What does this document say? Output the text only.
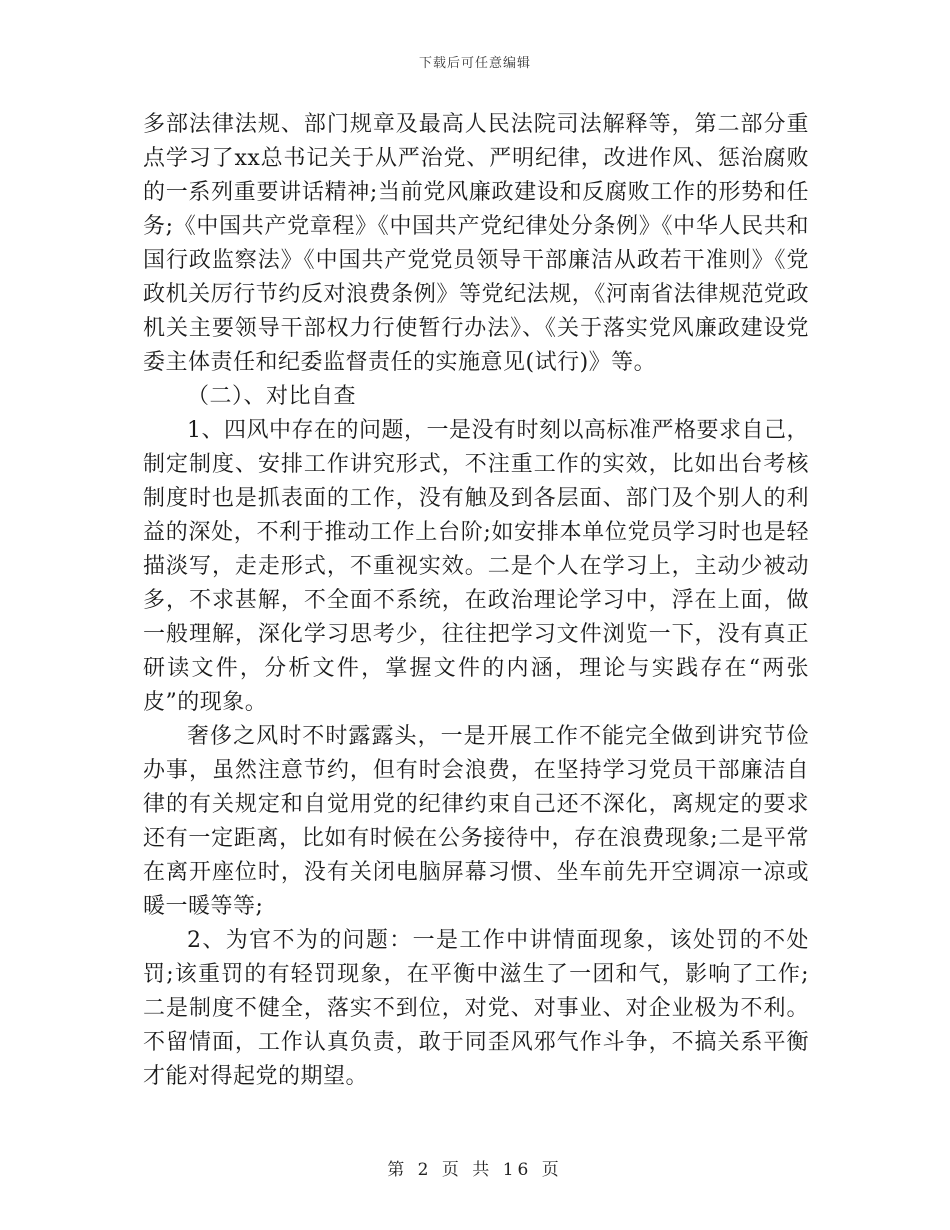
下载后可任意编辑

多部法律法规、部门规章及最高人民法院司法解释等，第二部分重点学习了xx总书记关于从严治党、严明纪律，改进作风、惩治腐败的一系列重要讲话精神;当前党风廉政建设和反腐败工作的形势和任务;《中国共产党章程》《中国共产党纪律处分条例》《中华人民共和国行政监察法》《中国共产党党员领导干部廉洁从政若干准则》《党政机关厉行节约反对浪费条例》等党纪法规，《河南省法律规范党政机关主要领导干部权力行使暂行办法》、《关于落实党风廉政建设党委主体责任和纪委监督责任的实施意见(试行)》等。

（二）、对比自查

1、四风中存在的问题，一是没有时刻以高标准严格要求自己，制定制度、安排工作讲究形式，不注重工作的实效，比如出台考核制度时也是抓表面的工作，没有触及到各层面、部门及个别人的利益的深处，不利于推动工作上台阶;如安排本单位党员学习时也是轻描淡写，走走形式，不重视实效。二是个人在学习上，主动少被动多，不求甚解，不全面不系统，在政治理论学习中，浮在上面，做一般理解，深化学习思考少，往往把学习文件浏览一下，没有真正研读文件，分析文件，掌握文件的内涵，理论与实践存在“两张皮”的现象。

奢侈之风时不时露露头，一是开展工作不能完全做到讲究节俭办事，虽然注意节约，但有时会浪费，在坚持学习党员干部廉洁自律的有关规定和自觉用党的纪律约束自己还不深化，离规定的要求还有一定距离，比如有时候在公务接待中，存在浪费现象;二是平常在离开座位时，没有关闭电脑屏幕习惯、坐车前先开空调凉一凉或暖一暖等等;

2、为官不为的问题：一是工作中讲情面现象，该处罚的不处罚;该重罚的有轻罚现象，在平衡中滋生了一团和气，影响了工作;二是制度不健全，落实不到位，对党、对事业、对企业极为不利。不留情面，工作认真负责，敢于同歪风邪气作斗争，不搞关系平衡才能对得起党的期望。

第 2 页 共 16 页
